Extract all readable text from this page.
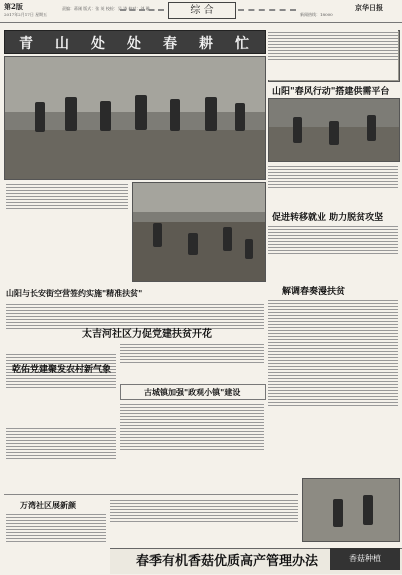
第2版
2017年2月17日 星期五
责编：蒋刚 版式：张 英 校检：吴 涛 校对：刘 璇	综 合	新闻热线：18000
京华日报
青 山 处 处 春 耕 忙
山阳"春风行动"搭建供需平台
促进转移就业 助力脱贫攻坚
解调春奏漫扶贫
山阳与长安街空营签约实施"精准扶贫"
太吉河社区力促党建扶贫开花
乾佑党建聚发农村新气象
古城镇加强"政观小镇"建设
万湾社区展新颜
春季有机香菇优质高产管理办法	香菇种植
